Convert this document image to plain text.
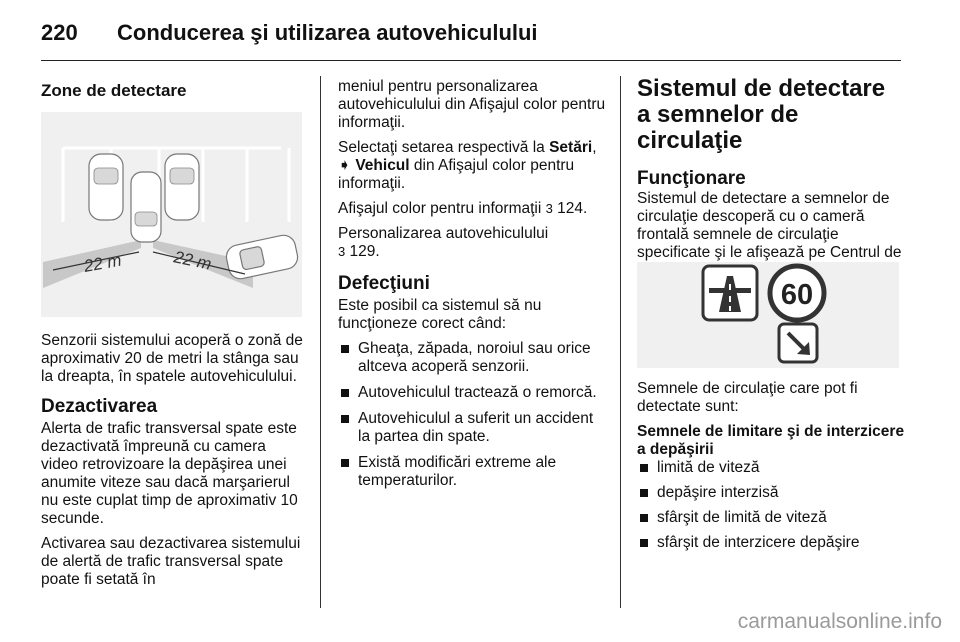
220 Conducerea şi utilizarea autovehiculului
Zone de detectare
22 m	22 m

Senzorii sistemului acoperă o zonă de aproximativ 20 de metri la stânga sau la dreapta, în spatele autovehiculului.

Dezactivarea

Alerta de trafic transversal spate este dezactivată împreună cu camera video retrovizoare la depăşirea unei anumite viteze sau dacă marşarierul nu este cuplat timp de aproximativ 10 secunde.

Activarea sau dezactivarea sistemului de alertă de trafic transversal spate poate fi setată în

meniul pentru personalizarea autovehiculului din Afişajul color pentru informaţii.

Selectaţi setarea respectivă la Setări,
➧ Vehicul din Afişajul color pentru informaţii.

Afişajul color pentru informaţii 3 124.

Personalizarea autovehiculului
3 129.

Defecţiuni

Este posibil ca sistemul să nu funcţioneze corect când:

Gheaţa, zăpada, noroiul sau orice altceva acoperă senzorii.
Autovehiculul tractează o remorcă.
Autovehiculul a suferit un accident la partea din spate.
Există modificări extreme ale temperaturilor.
Sistemul de detectare a semnelor de circulaţie
Funcţionare

Sistemul de detectare a semnelor de circulaţie descoperă cu o cameră frontală semnele de circulaţie specificate şi le afişează pe Centrul de

60

Semnele de circulaţie care pot fi detectate sunt:

Semnele de limitare şi de interzicere a depăşirii
limită de viteză
depăşire interzisă
sfârşit de limită de viteză
sfârşit de interzicere depăşire
carmanualsonline.info
